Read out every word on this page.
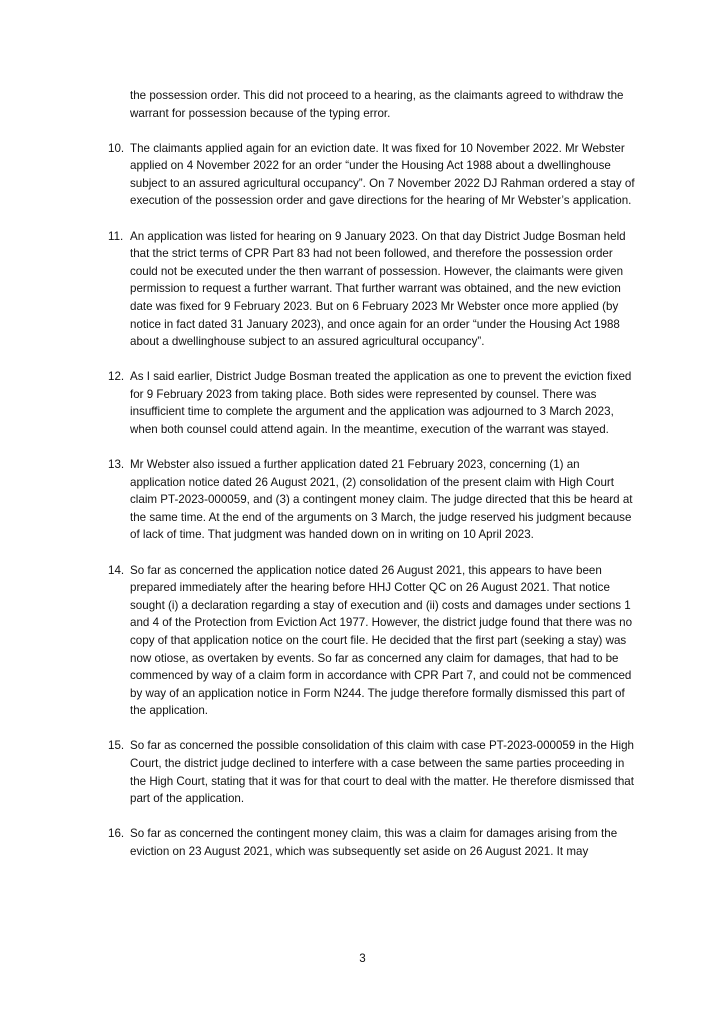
the possession order. This did not proceed to a hearing, as the claimants agreed to withdraw the warrant for possession because of the typing error.

10. The claimants applied again for an eviction date. It was fixed for 10 November 2022. Mr Webster applied on 4 November 2022 for an order “under the Housing Act 1988 about a dwellinghouse subject to an assured agricultural occupancy”. On 7 November 2022 DJ Rahman ordered a stay of execution of the possession order and gave directions for the hearing of Mr Webster’s application.

11. An application was listed for hearing on 9 January 2023. On that day District Judge Bosman held that the strict terms of CPR Part 83 had not been followed, and therefore the possession order could not be executed under the then warrant of possession. However, the claimants were given permission to request a further warrant. That further warrant was obtained, and the new eviction date was fixed for 9 February 2023. But on 6 February 2023 Mr Webster once more applied (by notice in fact dated 31 January 2023), and once again for an order “under the Housing Act 1988 about a dwellinghouse subject to an assured agricultural occupancy”.

12. As I said earlier, District Judge Bosman treated the application as one to prevent the eviction fixed for 9 February 2023 from taking place. Both sides were represented by counsel. There was insufficient time to complete the argument and the application was adjourned to 3 March 2023, when both counsel could attend again. In the meantime, execution of the warrant was stayed.

13. Mr Webster also issued a further application dated 21 February 2023, concerning (1) an application notice dated 26 August 2021, (2) consolidation of the present claim with High Court claim PT-2023-000059, and (3) a contingent money claim. The judge directed that this be heard at the same time. At the end of the arguments on 3 March, the judge reserved his judgment because of lack of time. That judgment was handed down on in writing on 10 April 2023.

14. So far as concerned the application notice dated 26 August 2021, this appears to have been prepared immediately after the hearing before HHJ Cotter QC on 26 August 2021. That notice sought (i) a declaration regarding a stay of execution and (ii) costs and damages under sections 1 and 4 of the Protection from Eviction Act 1977. However, the district judge found that there was no copy of that application notice on the court file. He decided that the first part (seeking a stay) was now otiose, as overtaken by events. So far as concerned any claim for damages, that had to be commenced by way of a claim form in accordance with CPR Part 7, and could not be commenced by way of an application notice in Form N244. The judge therefore formally dismissed this part of the application.

15. So far as concerned the possible consolidation of this claim with case PT-2023-000059 in the High Court, the district judge declined to interfere with a case between the same parties proceeding in the High Court, stating that it was for that court to deal with the matter. He therefore dismissed that part of the application.

16. So far as concerned the contingent money claim, this was a claim for damages arising from the eviction on 23 August 2021, which was subsequently set aside on 26 August 2021. It may

3
